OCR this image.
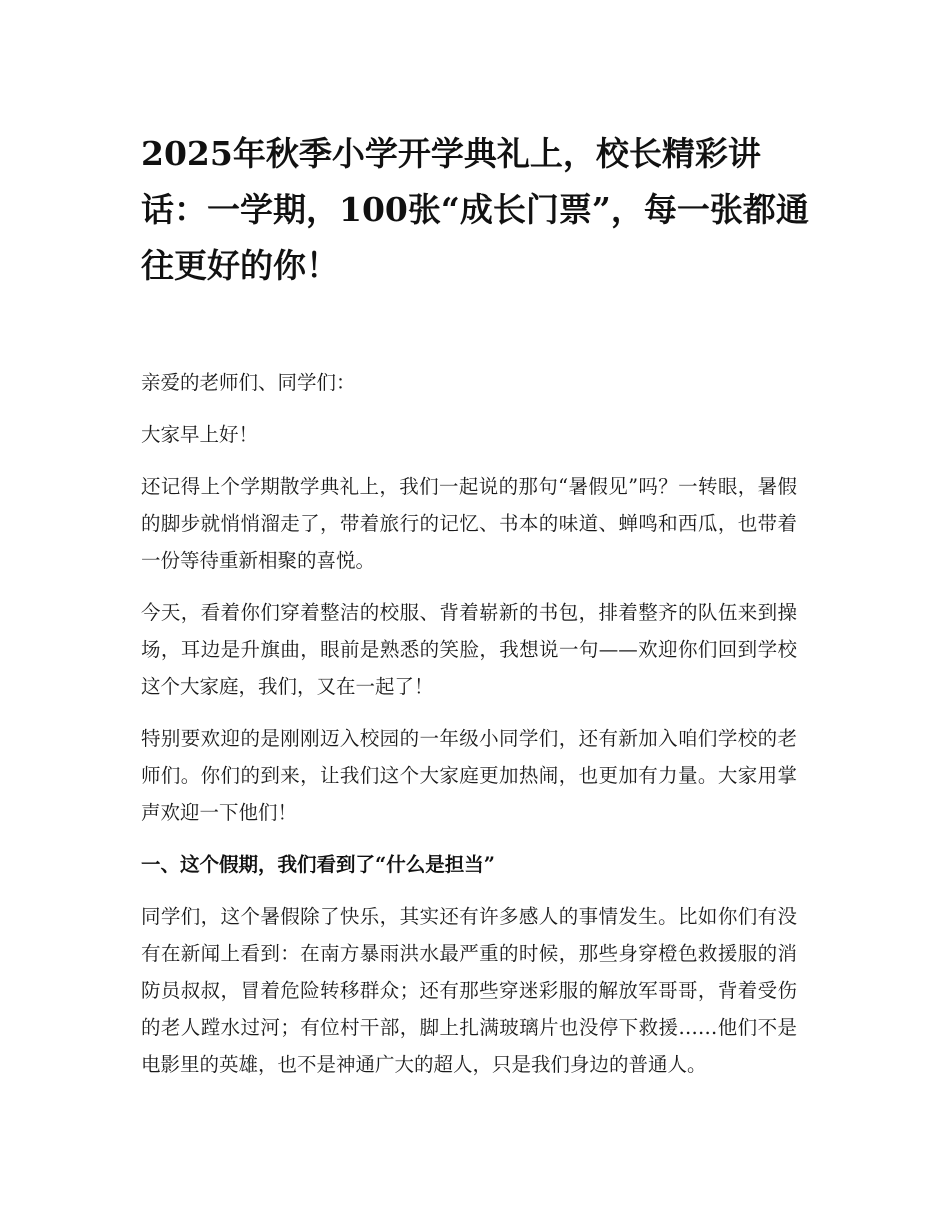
2025年秋季小学开学典礼上，校长精彩讲话：一学期，100张“成长门票”，每一张都通往更好的你！

亲爱的老师们、同学们：

大家早上好！

还记得上个学期散学典礼上，我们一起说的那句“暑假见”吗？一转眼，暑假的脚步就悄悄溜走了，带着旅行的记忆、书本的味道、蝉鸣和西瓜，也带着一份等待重新相聚的喜悦。

今天，看着你们穿着整洁的校服、背着崭新的书包，排着整齐的队伍来到操场，耳边是升旗曲，眼前是熟悉的笑脸，我想说一句——欢迎你们回到学校这个大家庭，我们，又在一起了！

特别要欢迎的是刚刚迈入校园的一年级小同学们，还有新加入咱们学校的老师们。你们的到来，让我们这个大家庭更加热闹，也更加有力量。大家用掌声欢迎一下他们！

一、这个假期，我们看到了“什么是担当”

同学们，这个暑假除了快乐，其实还有许多感人的事情发生。比如你们有没有在新闻上看到：在南方暴雨洪水最严重的时候，那些身穿橙色救援服的消防员叔叔，冒着危险转移群众；还有那些穿迷彩服的解放军哥哥，背着受伤的老人蹚水过河；有位村干部，脚上扎满玻璃片也没停下救援……他们不是电影里的英雄，也不是神通广大的超人，只是我们身边的普通人。
